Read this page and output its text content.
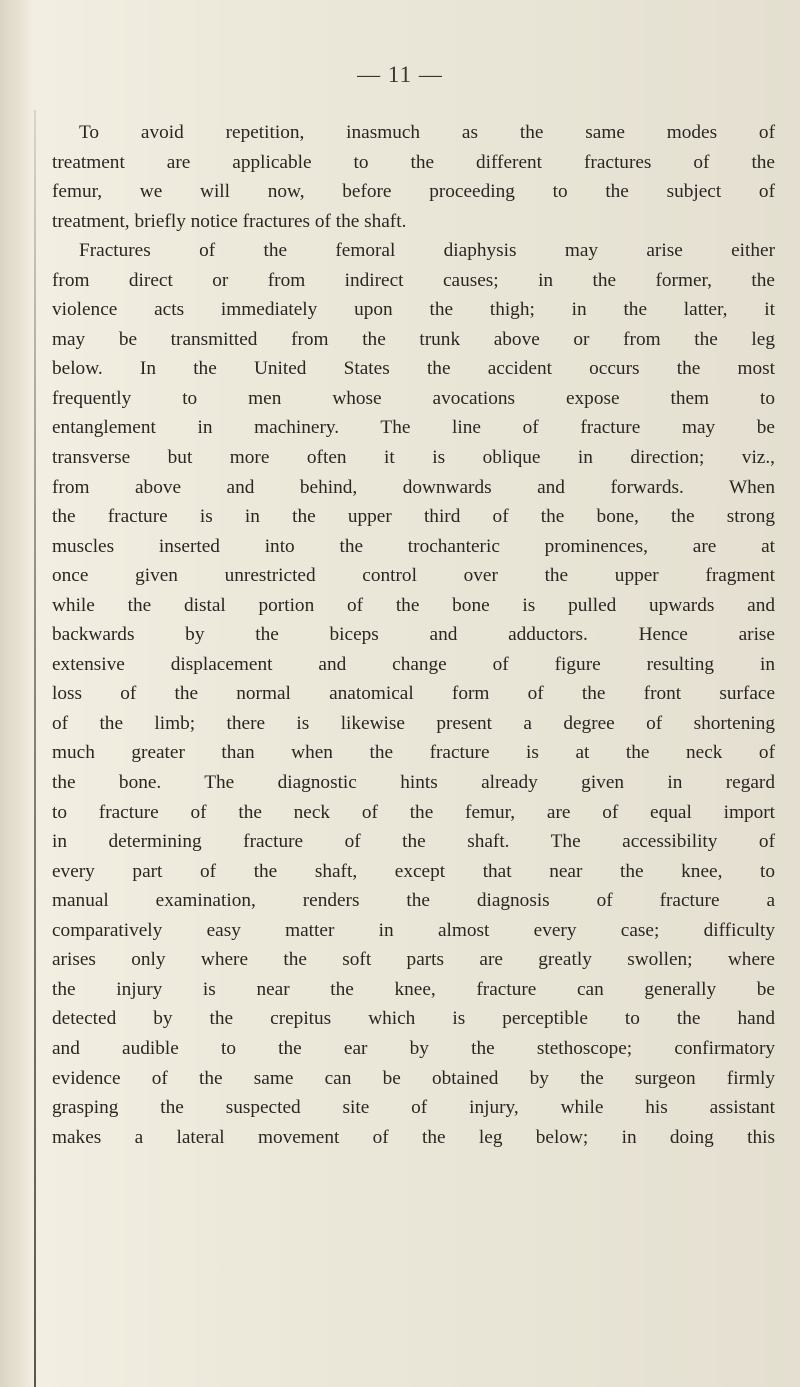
— 11 —
To avoid repetition, inasmuch as the same modes of
treatment are applicable to the different fractures of the
femur, we will now, before proceeding to the subject of
treatment, briefly notice fractures of the shaft.
Fractures of the femoral diaphysis may arise either
from direct or from indirect causes; in the former, the
violence acts immediately upon the thigh; in the latter, it
may be transmitted from the trunk above or from the leg
below. In the United States the accident occurs the most
frequently to men whose avocations expose them to
entanglement in machinery. The line of fracture may be
transverse but more often it is oblique in direction; viz.,
from above and behind, downwards and forwards. When
the fracture is in the upper third of the bone, the strong
muscles inserted into the trochanteric prominences, are at
once given unrestricted control over the upper fragment
while the distal portion of the bone is pulled upwards and
backwards by the biceps and adductors. Hence arise
extensive displacement and change of figure resulting in
loss of the normal anatomical form of the front surface
of the limb; there is likewise present a degree of shortening
much greater than when the fracture is at the neck of
the bone. The diagnostic hints already given in regard
to fracture of the neck of the femur, are of equal import
in determining fracture of the shaft. The accessibility of
every part of the shaft, except that near the knee, to
manual examination, renders the diagnosis of fracture a
comparatively easy matter in almost every case; difficulty
arises only where the soft parts are greatly swollen; where
the injury is near the knee, fracture can generally be
detected by the crepitus which is perceptible to the hand
and audible to the ear by the stethoscope; confirmatory
evidence of the same can be obtained by the surgeon firmly
grasping the suspected site of injury, while his assistant
makes a lateral movement of the leg below; in doing this
